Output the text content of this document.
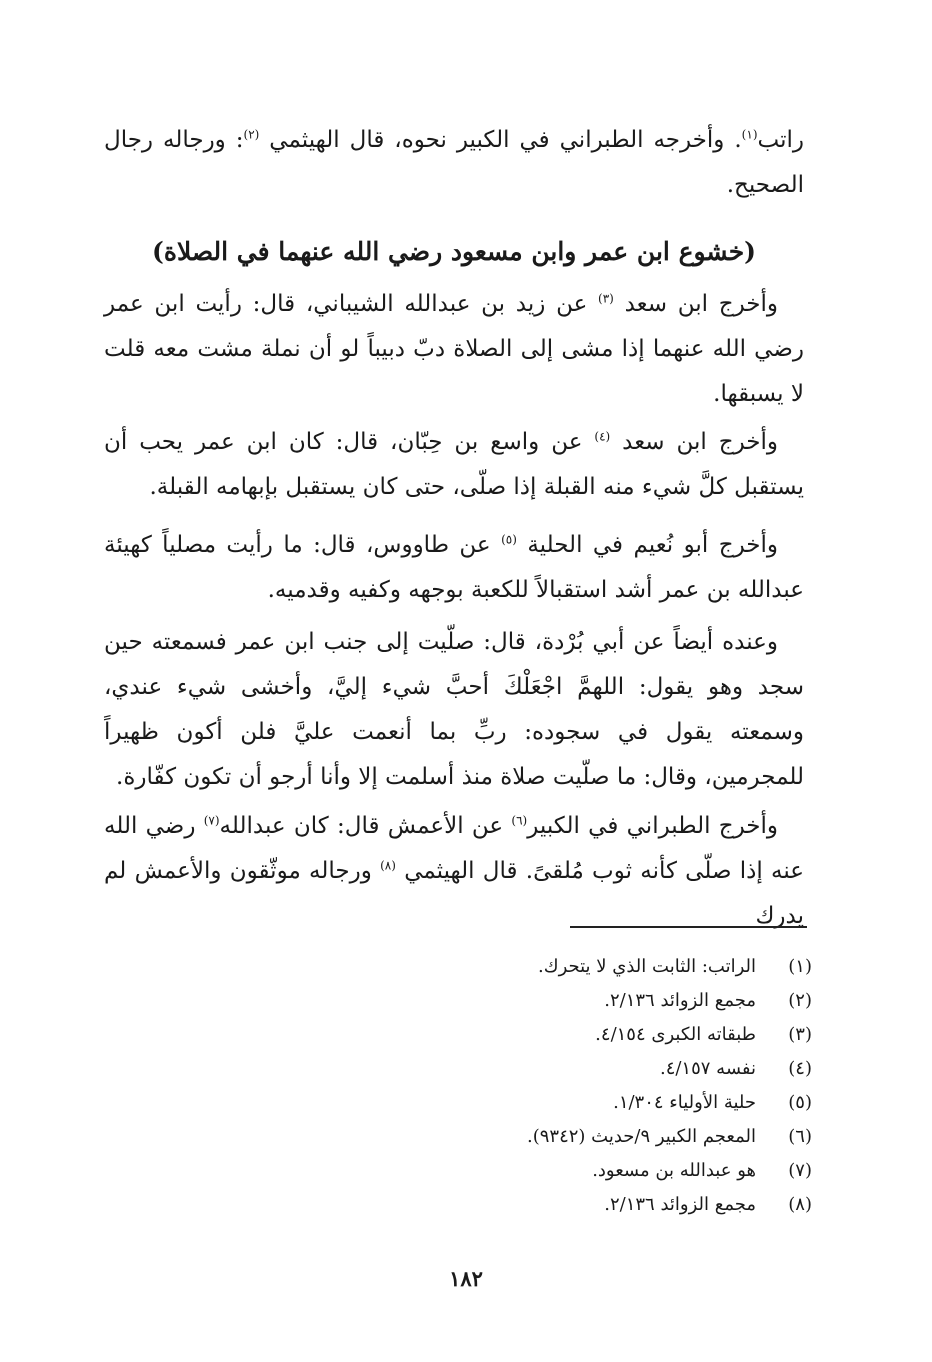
راتب$^{(١)}$. وأخرجه الطبراني في الكبير نحوه، قال الهيثمي $^{(٢)}$: ورجاله رجال الصحيح.

(خشوع ابن عمر وابن مسعود رضي الله عنهما في الصلاة)

وأخرج ابن سعد $^{(٣)}$ عن زيد بن عبدالله الشيباني، قال: رأيت ابن عمر رضي الله عنهما إذا مشى إلى الصلاة دبّ دبيباً لو أن نملة مشت معه قلت لا يسبقها.

وأخرج ابن سعد $^{(٤)}$ عن واسع بن حِبّان، قال: كان ابن عمر يحب أن يستقبل كلَّ شيء منه القبلة إذا صلّى، حتى كان يستقبل بإبهامه القبلة.

وأخرج أبو نُعيم في الحلية $^{(٥)}$ عن طاووس، قال: ما رأيت مصلياً كهيئة عبدالله بن عمر أشد استقبالاً للكعبة بوجهه وكفيه وقدميه.

وعنده أيضاً عن أبي بُرْدة، قال: صلّيت إلى جنب ابن عمر فسمعته حين سجد وهو يقول: اللهمَّ اجْعَلْكَ أحبَّ شيء إليَّ، وأخشى شيء عندي، وسمعته يقول في سجوده: ربِّ بما أنعمت عليَّ فلن أكون ظهيراً للمجرمين، وقال: ما صلّيت صلاة منذ أسلمت إلا وأنا أرجو أن تكون كفّارة.

وأخرج الطبراني في الكبير$^{(٦)}$ عن الأعمش قال: كان عبدالله$^{(٧)}$ رضي الله عنه إذا صلّى كأنه ثوب مُلقىً. قال الهيثمي $^{(٨)}$ ورجاله موثّقون والأعمش لم يدرك

(١)
الراتب: الثابت الذي لا يتحرك.
(٢)
مجمع الزوائد ٢/١٣٦.
(٣)
طبقاته الكبرى ٤/١٥٤.
(٤)
نفسه ٤/١٥٧.
(٥)
حلية الأولياء ١/٣٠٤.
(٦)
المعجم الكبير ٩/حديث (٩٣٤٢).
(٧)
هو عبدالله بن مسعود.
(٨)
مجمع الزوائد ٢/١٣٦.
١٨٢
